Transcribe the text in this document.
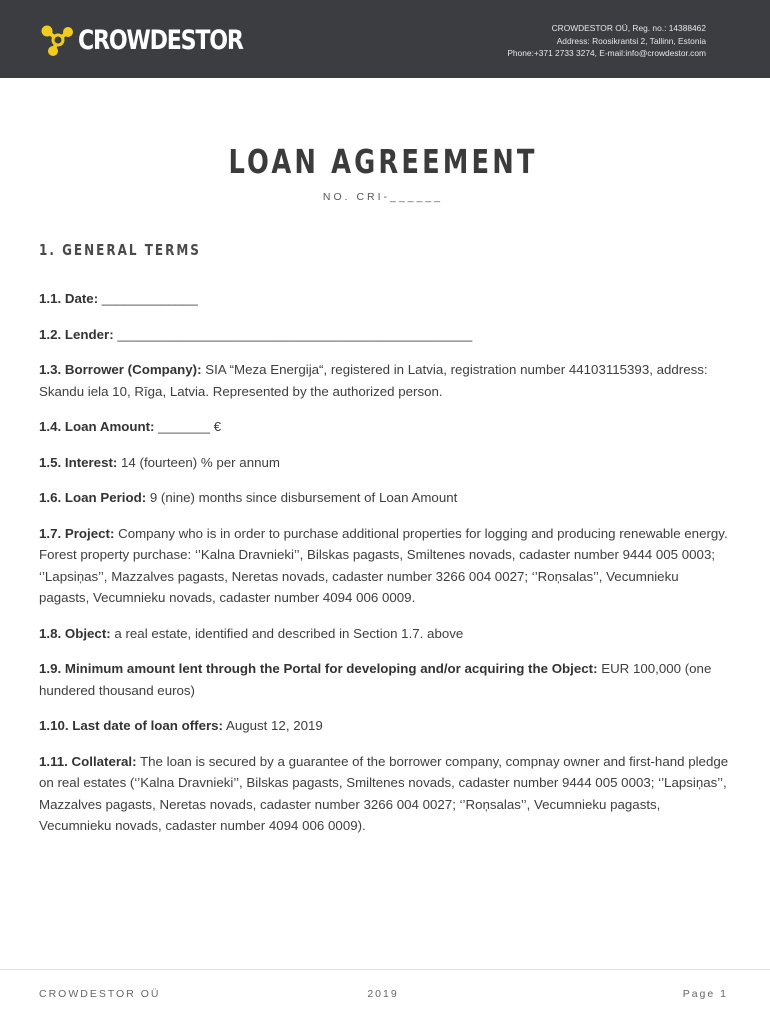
CROWDESTOR	CROWDESTOR OÜ, Reg. no.: 14388462
Address: Roosikrantsi 2, Tallinn, Estonia
Phone:+371 2733 3274, E-mail:info@crowdestor.com
LOAN AGREEMENT
NO. CRI-______
1. GENERAL TERMS

1.1. Date: _____________

1.2. Lender: ________________________________________________

1.3. Borrower (Company): SIA “Meza Energija“, registered in Latvia, registration number 44103115393, address: Skandu iela 10, Rīga, Latvia. Represented by the authorized person.

1.4. Loan Amount: _______ €

1.5. Interest: 14 (fourteen) % per annum

1.6. Loan Period: 9 (nine) months since disbursement of Loan Amount

1.7. Project: Company who is in order to purchase additional properties for logging and producing renewable energy. Forest property purchase: ‘’Kalna Dravnieki’’, Bilskas pagasts, Smiltenes novads, cadaster number 9444 005 0003; ‘’Lapsiņas’’, Mazzalves pagasts, Neretas novads, cadaster number 3266 004 0027; ‘’Roņsalas’’, Vecumnieku pagasts, Vecumnieku novads, cadaster number 4094 006 0009.

1.8. Object: a real estate, identified and described in Section 1.7. above

1.9. Minimum amount lent through the Portal for developing and/or acquiring the Object: EUR 100,000 (one hundered thousand euros)

1.10. Last date of loan offers: August 12, 2019

1.11. Collateral: The loan is secured by a guarantee of the borrower company, compnay owner and first-hand pledge on real estates (‘’Kalna Dravnieki’’, Bilskas pagasts, Smiltenes novads, cadaster number 9444 005 0003; ‘’Lapsiņas’’, Mazzalves pagasts, Neretas novads, cadaster number 3266 004 0027; ‘’Roņsalas’’, Vecumnieku pagasts, Vecumnieku novads, cadaster number 4094 006 0009).

CROWDESTOR OÜ	2019	Page 1
